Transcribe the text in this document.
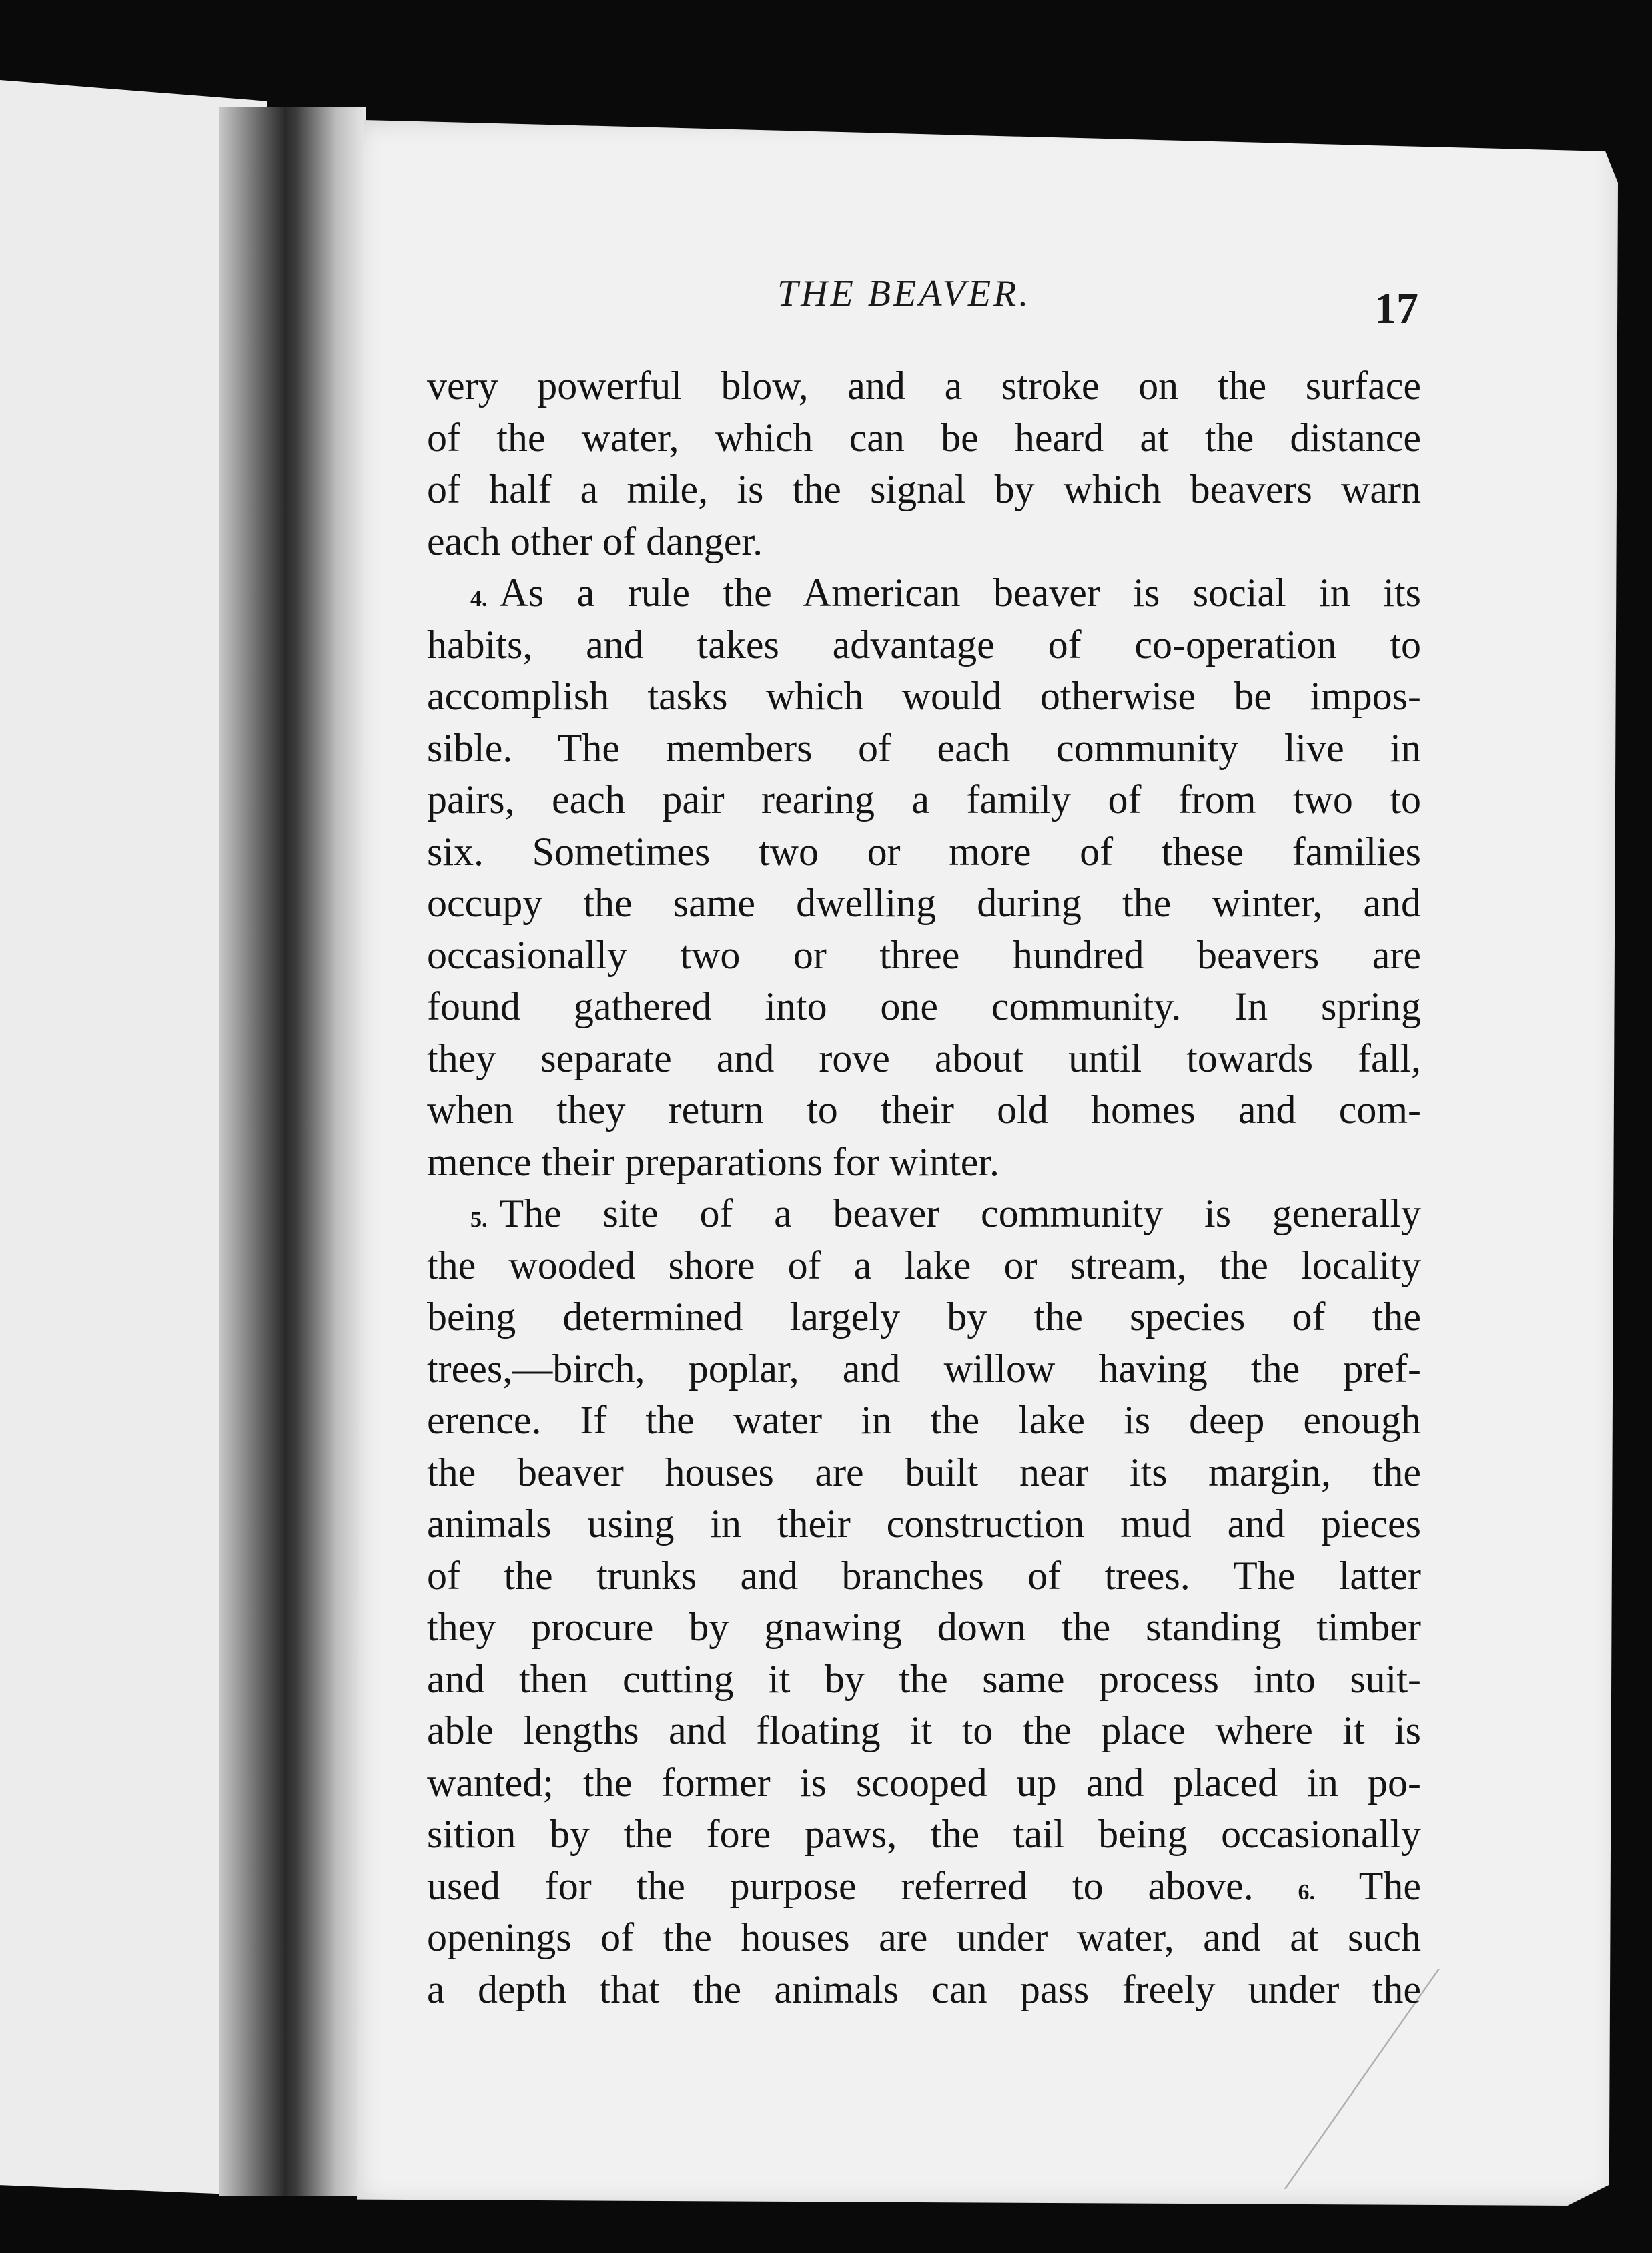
THE BEAVER.	17
very powerful blow, and a stroke on the surface
of the water, which can be heard at the distance
of half a mile, is the signal by which beavers warn
each other of danger.
4. As a rule the American beaver is social in its
habits, and takes advantage of co-operation to
accomplish tasks which would otherwise be impos-
sible. The members of each community live in
pairs, each pair rearing a family of from two to
six. Sometimes two or more of these families
occupy the same dwelling during the winter, and
occasionally two or three hundred beavers are
found gathered into one community. In spring
they separate and rove about until towards fall,
when they return to their old homes and com-
mence their preparations for winter.
5. The site of a beaver community is generally
the wooded shore of a lake or stream, the locality
being determined largely by the species of the
trees,—birch, poplar, and willow having the pref-
erence. If the water in the lake is deep enough
the beaver houses are built near its margin, the
animals using in their construction mud and pieces
of the trunks and branches of trees. The latter
they procure by gnawing down the standing timber
and then cutting it by the same process into suit-
able lengths and floating it to the place where it is
wanted; the former is scooped up and placed in po-
sition by the fore paws, the tail being occasionally
used for the purpose referred to above. 6. The
openings of the houses are under water, and at such
a depth that the animals can pass freely under the
